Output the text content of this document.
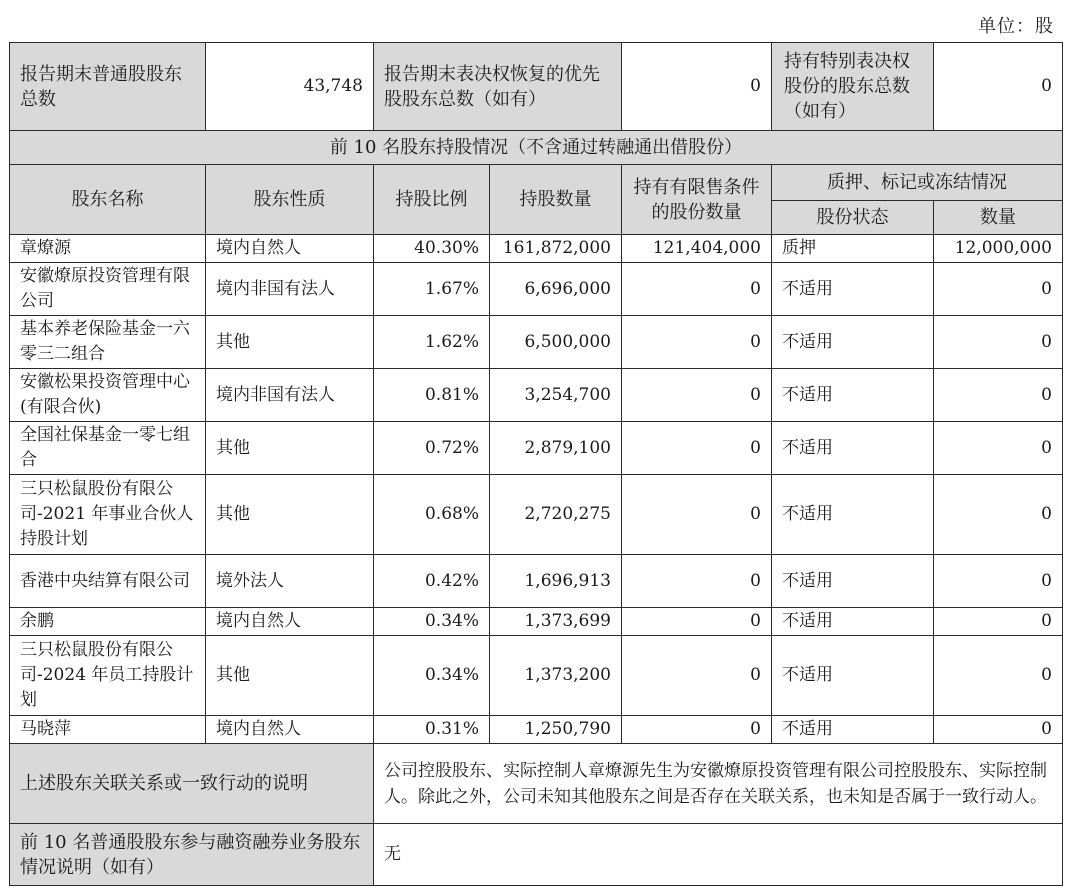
单位：股
报告期末普通股股东总数	43,748	报告期末表决权恢复的优先股股东总数（如有）		0	持有特别表决权股份的股东总数（如有）	0
前 10 名股东持股情况（不含通过转融通出借股份）						
股东名称	股东性质	持股比例	持股数量	持有有限售条件的股份数量	质押、标记或冻结情况	
					股份状态	数量
章燎源	境内自然人	40.30%	161,872,000	121,404,000	质押	12,000,000
安徽燎原投资管理有限公司	境内非国有法人	1.67%	6,696,000	0	不适用	0
基本养老保险基金一六零三二组合	其他	1.62%	6,500,000	0	不适用	0
安徽松果投资管理中心(有限合伙)	境内非国有法人	0.81%	3,254,700	0	不适用	0
全国社保基金一零七组合	其他	0.72%	2,879,100	0	不适用	0
三只松鼠股份有限公司-2021 年事业合伙人持股计划	其他	0.68%	2,720,275	0	不适用	0
香港中央结算有限公司	境外法人	0.42%	1,696,913	0	不适用	0
余鹏	境内自然人	0.34%	1,373,699	0	不适用	0
三只松鼠股份有限公司-2024 年员工持股计划	其他	0.34%	1,373,200	0	不适用	0
马晓萍	境内自然人	0.31%	1,250,790	0	不适用	0
上述股东关联关系或一致行动的说明		公司控股股东、实际控制人章燎源先生为安徽燎原投资管理有限公司控股股东、实际控制人。除此之外，公司未知其他股东之间是否存在关联关系，也未知是否属于一致行动人。				
前 10 名普通股股东参与融资融券业务股东情况说明（如有）		无				
